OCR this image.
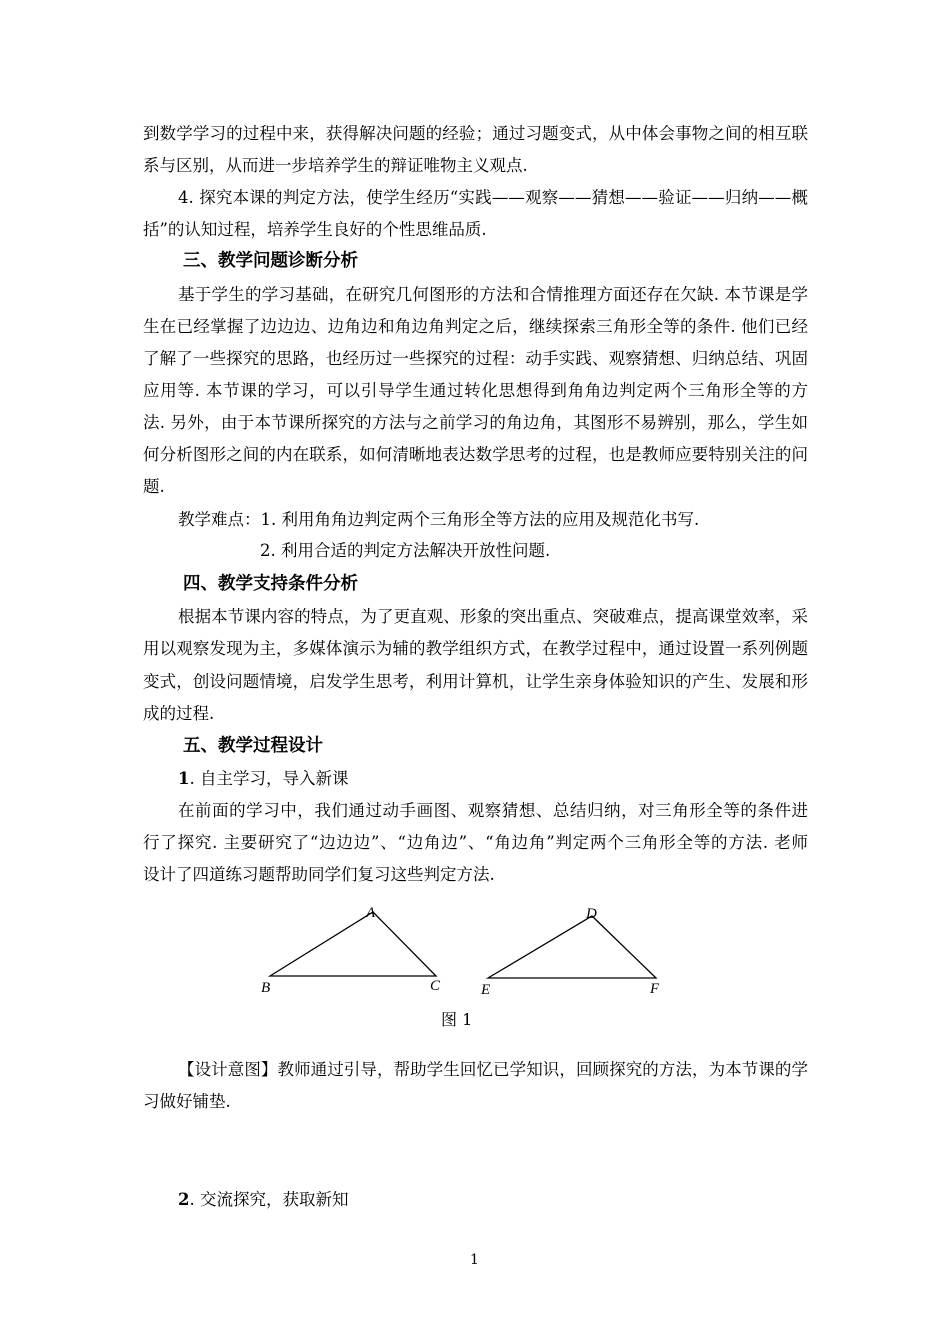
到数学学习的过程中来，获得解决问题的经验；通过习题变式，从中体会事物之间的相互联
系与区别，从而进一步培养学生的辩证唯物主义观点.
4. 探究本课的判定方法，使学生经历“实践——观察——猜想——验证——归纳——概
括”的认知过程，培养学生良好的个性思维品质.
三、教学问题诊断分析
基于学生的学习基础，在研究几何图形的方法和合情推理方面还存在欠缺. 本节课是学
生在已经掌握了边边边、边角边和角边角判定之后，继续探索三角形全等的条件. 他们已经
了解了一些探究的思路，也经历过一些探究的过程：动手实践、观察猜想、归纳总结、巩固
应用等. 本节课的学习，可以引导学生通过转化思想得到角角边判定两个三角形全等的方
法. 另外，由于本节课所探究的方法与之前学习的角边角，其图形不易辨别，那么，学生如
何分析图形之间的内在联系，如何清晰地表达数学思考的过程，也是教师应要特别关注的问
题.
教学难点：1. 利用角角边判定两个三角形全等方法的应用及规范化书写.
2. 利用合适的判定方法解决开放性问题.
四、教学支持条件分析
根据本节课内容的特点，为了更直观、形象的突出重点、突破难点，提高课堂效率，采
用以观察发现为主，多媒体演示为辅的教学组织方式，在教学过程中，通过设置一系列例题
变式，创设问题情境，启发学生思考，利用计算机，让学生亲身体验知识的产生、发展和形
成的过程.
五、教学过程设计
1. 自主学习，导入新课
在前面的学习中，我们通过动手画图、观察猜想、总结归纳，对三角形全等的条件进
行了探究. 主要研究了“边边边”、“边角边”、“角边角”判定两个三角形全等的方法. 老师
设计了四道练习题帮助同学们复习这些判定方法.
A
B	C
D
E	F
图 1
【设计意图】教师通过引导，帮助学生回忆已学知识，回顾探究的方法，为本节课的学
习做好铺垫.
2. 交流探究，获取新知
1
